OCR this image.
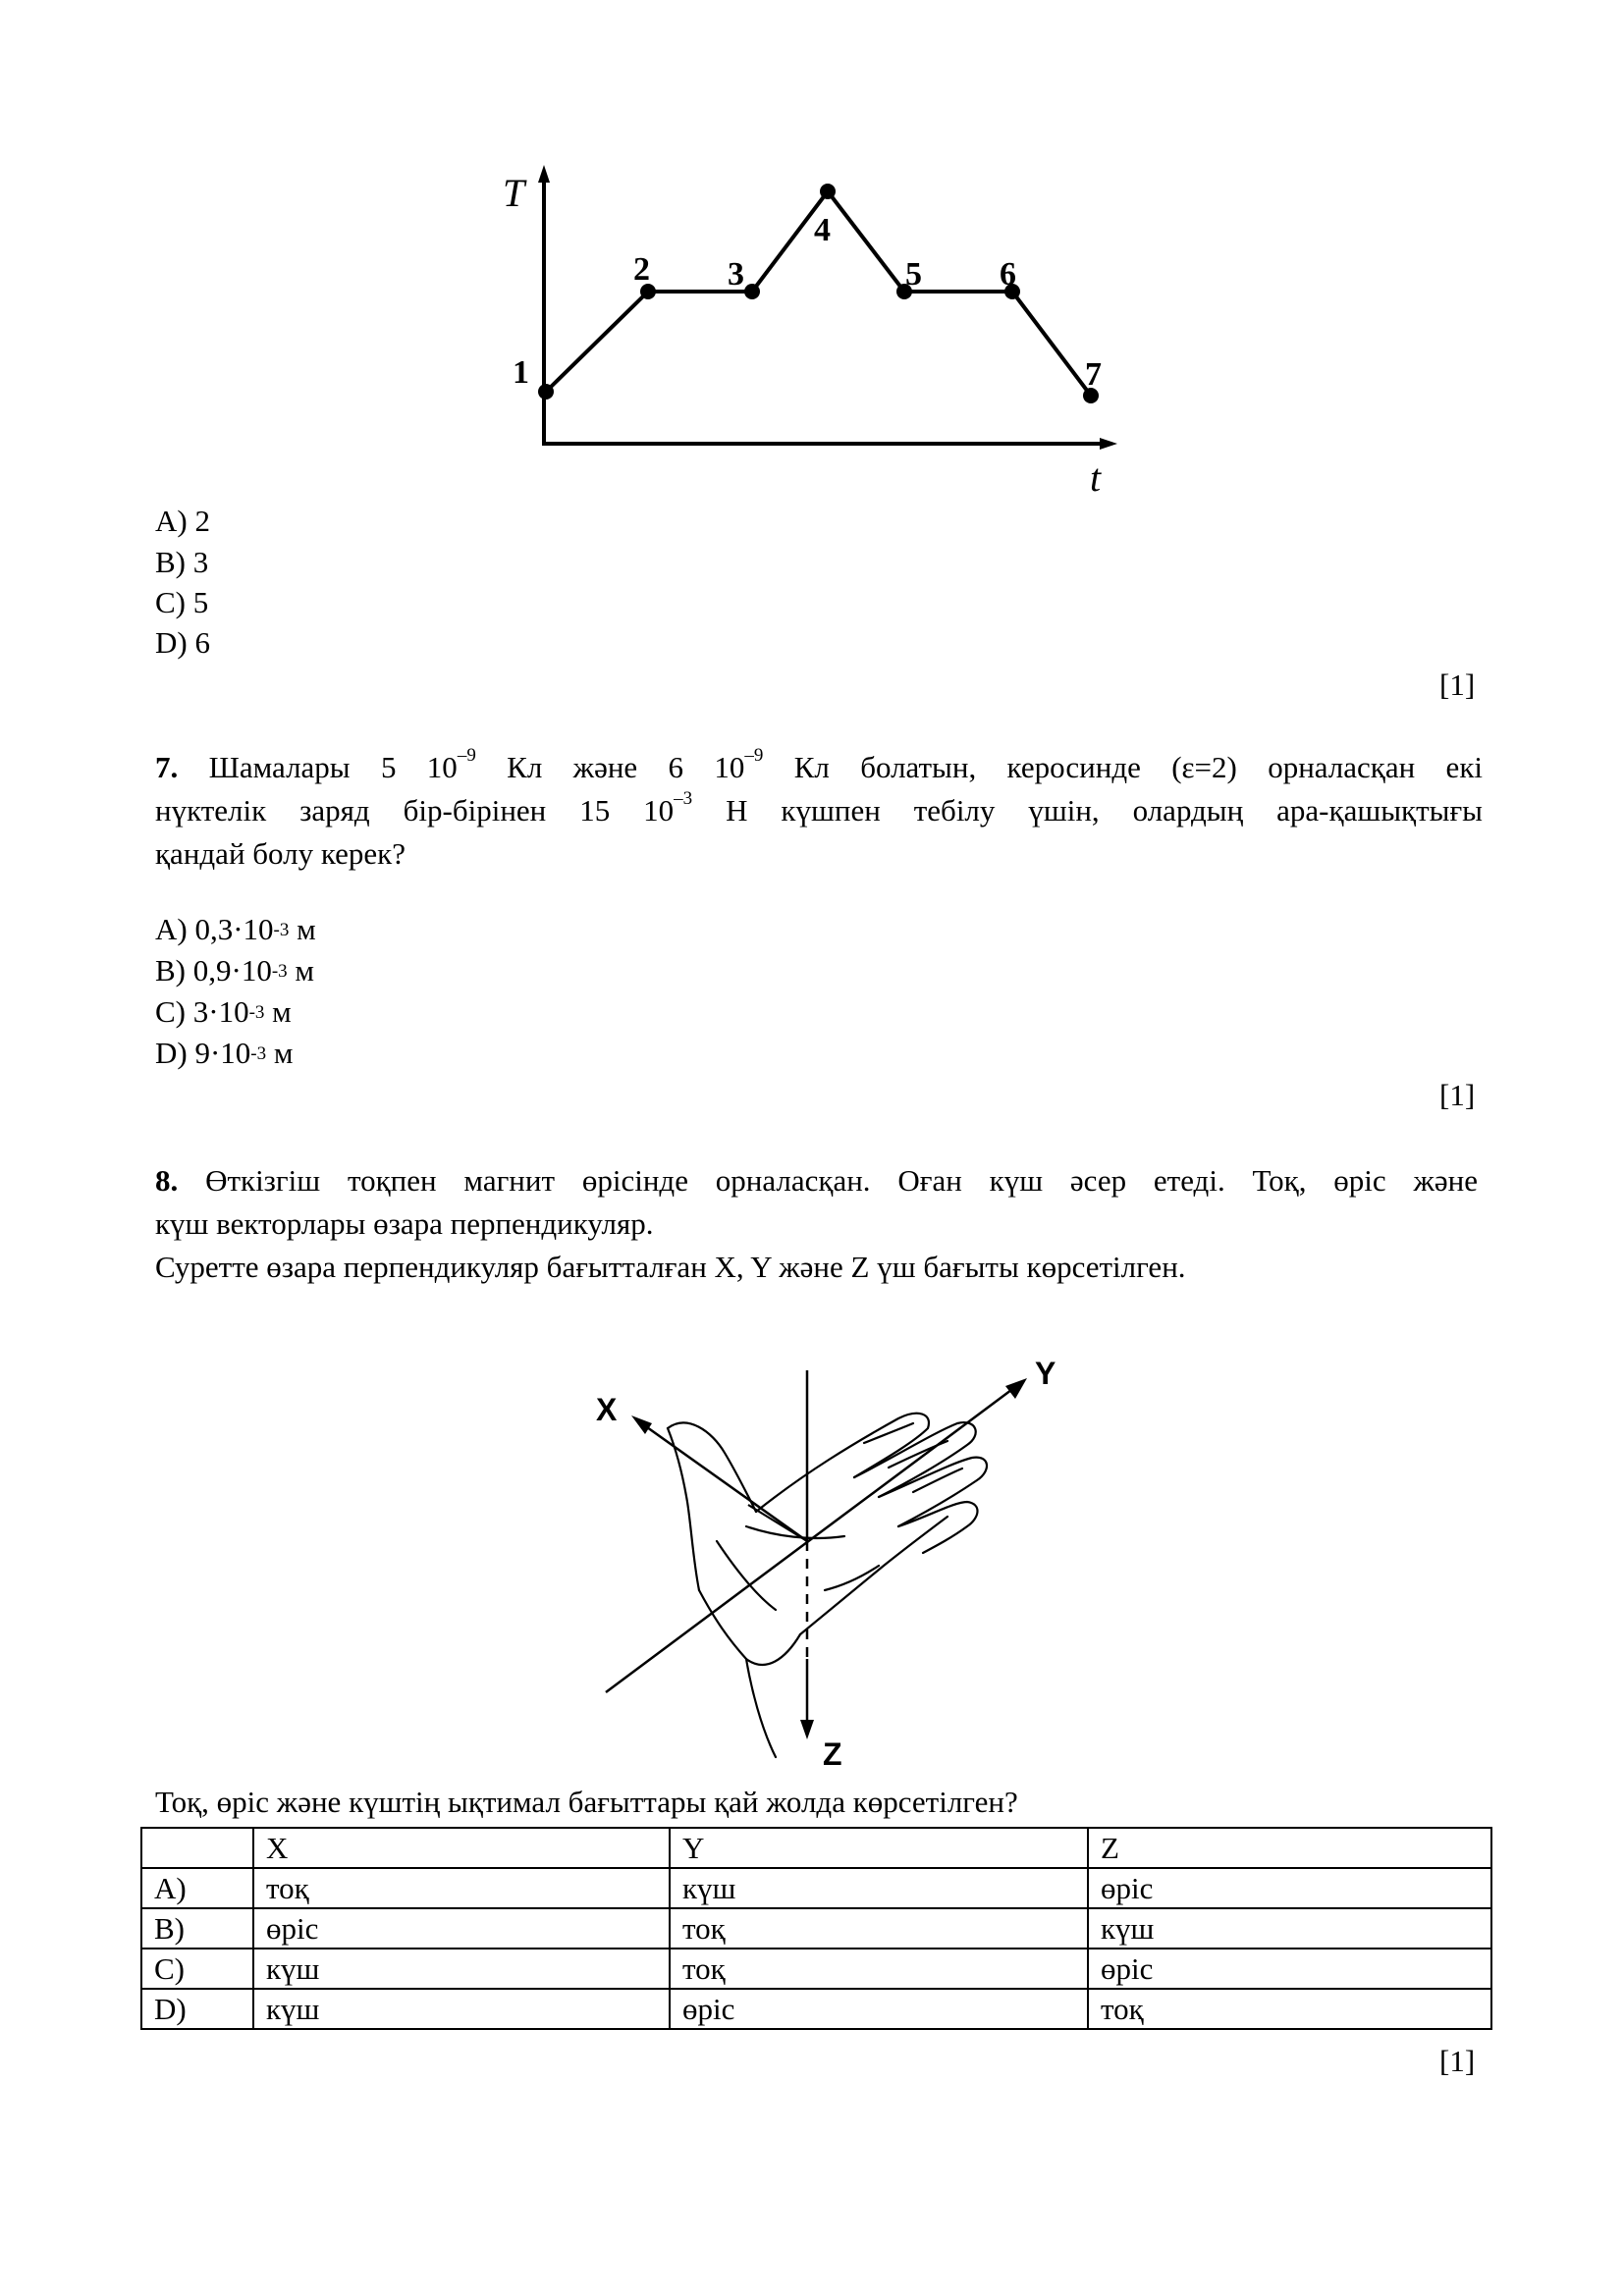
T
t
1
2 3
4
5 6
7
A) 2
B) 3
C) 5
D) 6
[1]
7. Шамалары 5 $10^{-9}$ Кл және 6 $10^{-9}$ Кл болатын, керосинде (ε=2) орналасқан екі
нүктелік заряд бір-бірінен 15 $10^{-3}$ Н күшпен тебілу үшін, олардың ара-қашықтығы
қандай болу керек?
A) $0,3\cdot 10^{-3}$ м
B) $0,9\cdot 10^{-3}$ м
C) $3\cdot 10^{-3}$ м
D) $9\cdot 10^{-3}$ м
[1]
8. Өткізгіш тоқпен магнит өрісінде орналасқан. Оған күш әсер етеді. Тоқ, өріс және
күш векторлары өзара перпендикуляр.
Суретте өзара перпендикуляр бағытталған X, Y және Z үш бағыты көрсетілген.
X
Y
Z
Тоқ, өріс және күштің ықтимал бағыттары қай жолда көрсетілген?
	X	Y	Z
A)	тоқ	күш	өріс
B)	өріс	тоқ	күш
C)	күш	тоқ	өріс
D)	күш	өріс	тоқ
[1]
